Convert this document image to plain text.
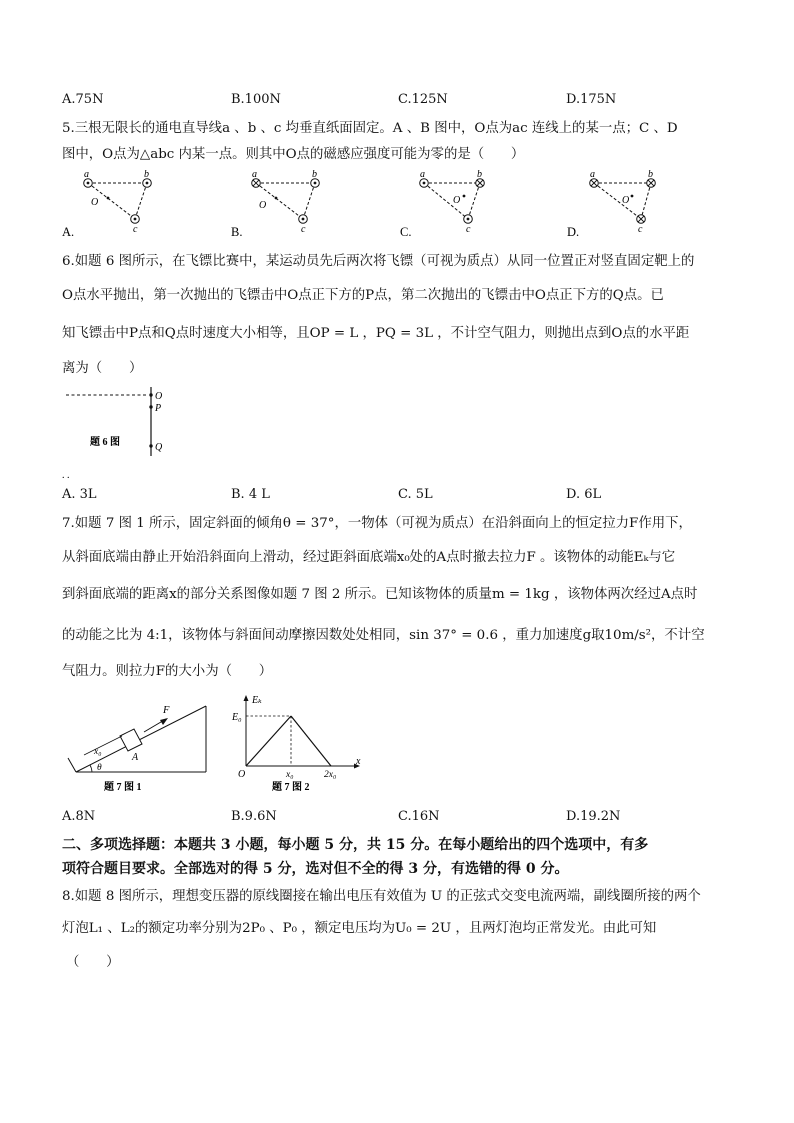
A.75N	B.100N	C.125N	D.175N
5.三根无限长的通电直导线a 、b 、c 均垂直纸面固定。A 、B 图中，O点为ac 连线上的某一点；C 、D
图中，O点为△abc 内某一点。则其中O点的磁感应强度可能为零的是（　　）
a	b
c
O
A.
a	b
c
O
B.
a	b
c
O
C.
a	b
c
O
D.
6.如题 6 图所示，在飞镖比赛中，某运动员先后两次将飞镖（可视为质点）从同一位置正对竖直固定靶上的
O点水平抛出，第一次抛出的飞镖击中O点正下方的P点，第二次抛出的飞镖击中O点正下方的Q点。已
知飞镖击中P点和Q点时速度大小相等，且OP = L ，PQ = 3L ，不计空气阻力，则抛出点到O点的水平距
离为（　　）
O
P
Q
题 6 图
. .
A. 3L	B. 4 L	C. 5L	D. 6L
7.如题 7 图 1 所示，固定斜面的倾角θ = 37°，一物体（可视为质点）在沿斜面向上的恒定拉力F作用下，
从斜面底端由静止开始沿斜面向上滑动，经过距斜面底端x₀处的A点时撤去拉力F 。该物体的动能Eₖ与它
到斜面底端的距离x的部分关系图像如题 7 图 2 所示。已知该物体的质量m = 1kg ，该物体两次经过A点时
的动能之比为 4:1，该物体与斜面间动摩擦因数处处相同，sin 37° = 0.6 ，重力加速度g取10m/s²，不计空
气阻力。则拉力F的大小为（　　）
F
x₀	A
θ
题 7 图 1
Eₖ
E₀
O	x₀	2x₀
x
题 7 图 2
A.8N	B.9.6N	C.16N	D.19.2N
二、多项选择题：本题共 3 小题，每小题 5 分，共 15 分。在每小题给出的四个选项中，有多
项符合题目要求。全部选对的得 5 分，选对但不全的得 3 分，有选错的得 0 分。
8.如题 8 图所示，理想变压器的原线圈接在输出电压有效值为 U 的正弦式交变电流两端，副线圈所接的两个
灯泡L₁ 、L₂的额定功率分别为2P₀ 、P₀ ，额定电压均为U₀ = 2U ，且两灯泡均正常发光。由此可知
（　　）
